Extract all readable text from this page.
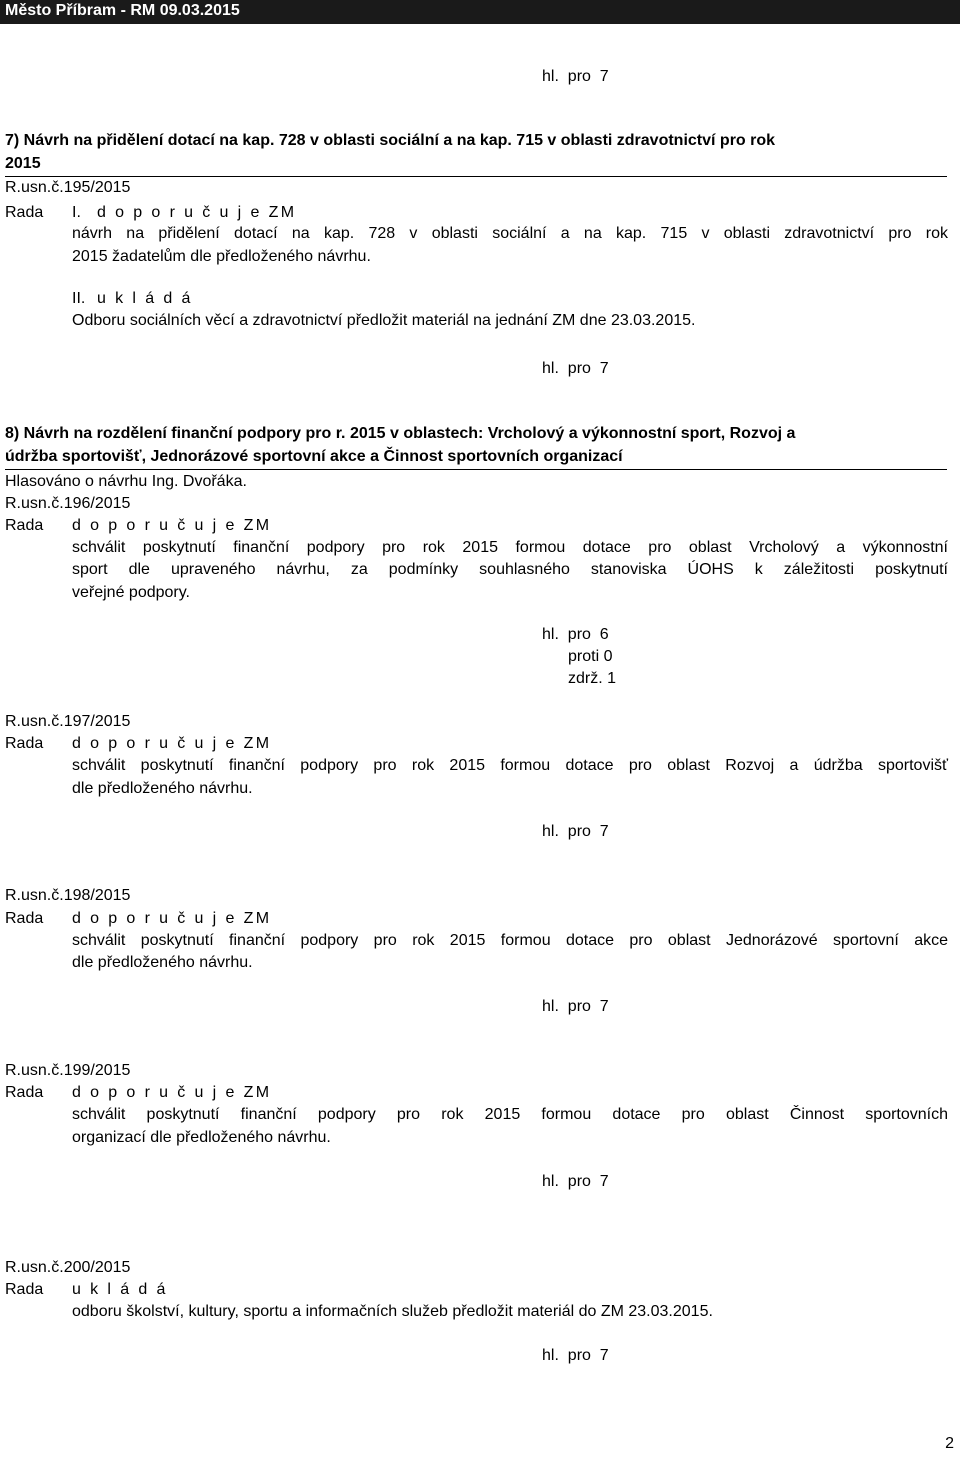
Město Příbram - RM 09.03.2015
hl.  pro  7
7) Návrh na přidělení dotací na kap. 728 v oblasti sociální a na kap. 715 v oblasti zdravotnictví pro rok
2015
R.usn.č.195/2015
Rada I. d o p o r u č u j e ZM
návrh na přidělení dotací na kap. 728 v oblasti sociální a na kap. 715 v oblasti zdravotnictví pro rok
2015 žadatelům dle předloženého návrhu.
II. u k l á d á
Odboru sociálních věcí a zdravotnictví předložit materiál na jednání ZM dne 23.03.2015.
hl.  pro  7
8) Návrh na rozdělení finanční podpory pro r. 2015 v oblastech: Vrcholový a výkonnostní sport, Rozvoj a
údržba sportovišť, Jednorázové sportovní akce a Činnost sportovních organizací
Hlasováno o návrhu Ing. Dvořáka.
R.usn.č.196/2015
Rada d o p o r u č u j e ZM
schválit poskytnutí finanční podpory pro rok 2015 formou dotace pro oblast Vrcholový a výkonnostní
sport dle upraveného návrhu, za podmínky souhlasného stanoviska ÚOHS k záležitosti poskytnutí
veřejné podpory.
hl.  pro  6
proti 0
zdrž. 1
R.usn.č.197/2015
Rada d o p o r u č u j e ZM
schválit poskytnutí finanční podpory pro rok 2015 formou dotace pro oblast Rozvoj a údržba sportovišť
dle předloženého návrhu.
hl.  pro  7
R.usn.č.198/2015
Rada d o p o r u č u j e ZM
schválit poskytnutí finanční podpory pro rok 2015 formou dotace pro oblast Jednorázové sportovní akce
dle předloženého návrhu.
hl.  pro  7
R.usn.č.199/2015
Rada d o p o r u č u j e ZM
schválit poskytnutí finanční podpory pro rok 2015 formou dotace pro oblast Činnost sportovních
organizací dle předloženého návrhu.
hl.  pro  7
R.usn.č.200/2015
Rada u k l á d á
odboru školství, kultury, sportu a informačních služeb předložit materiál do ZM 23.03.2015.
hl.  pro  7
2
